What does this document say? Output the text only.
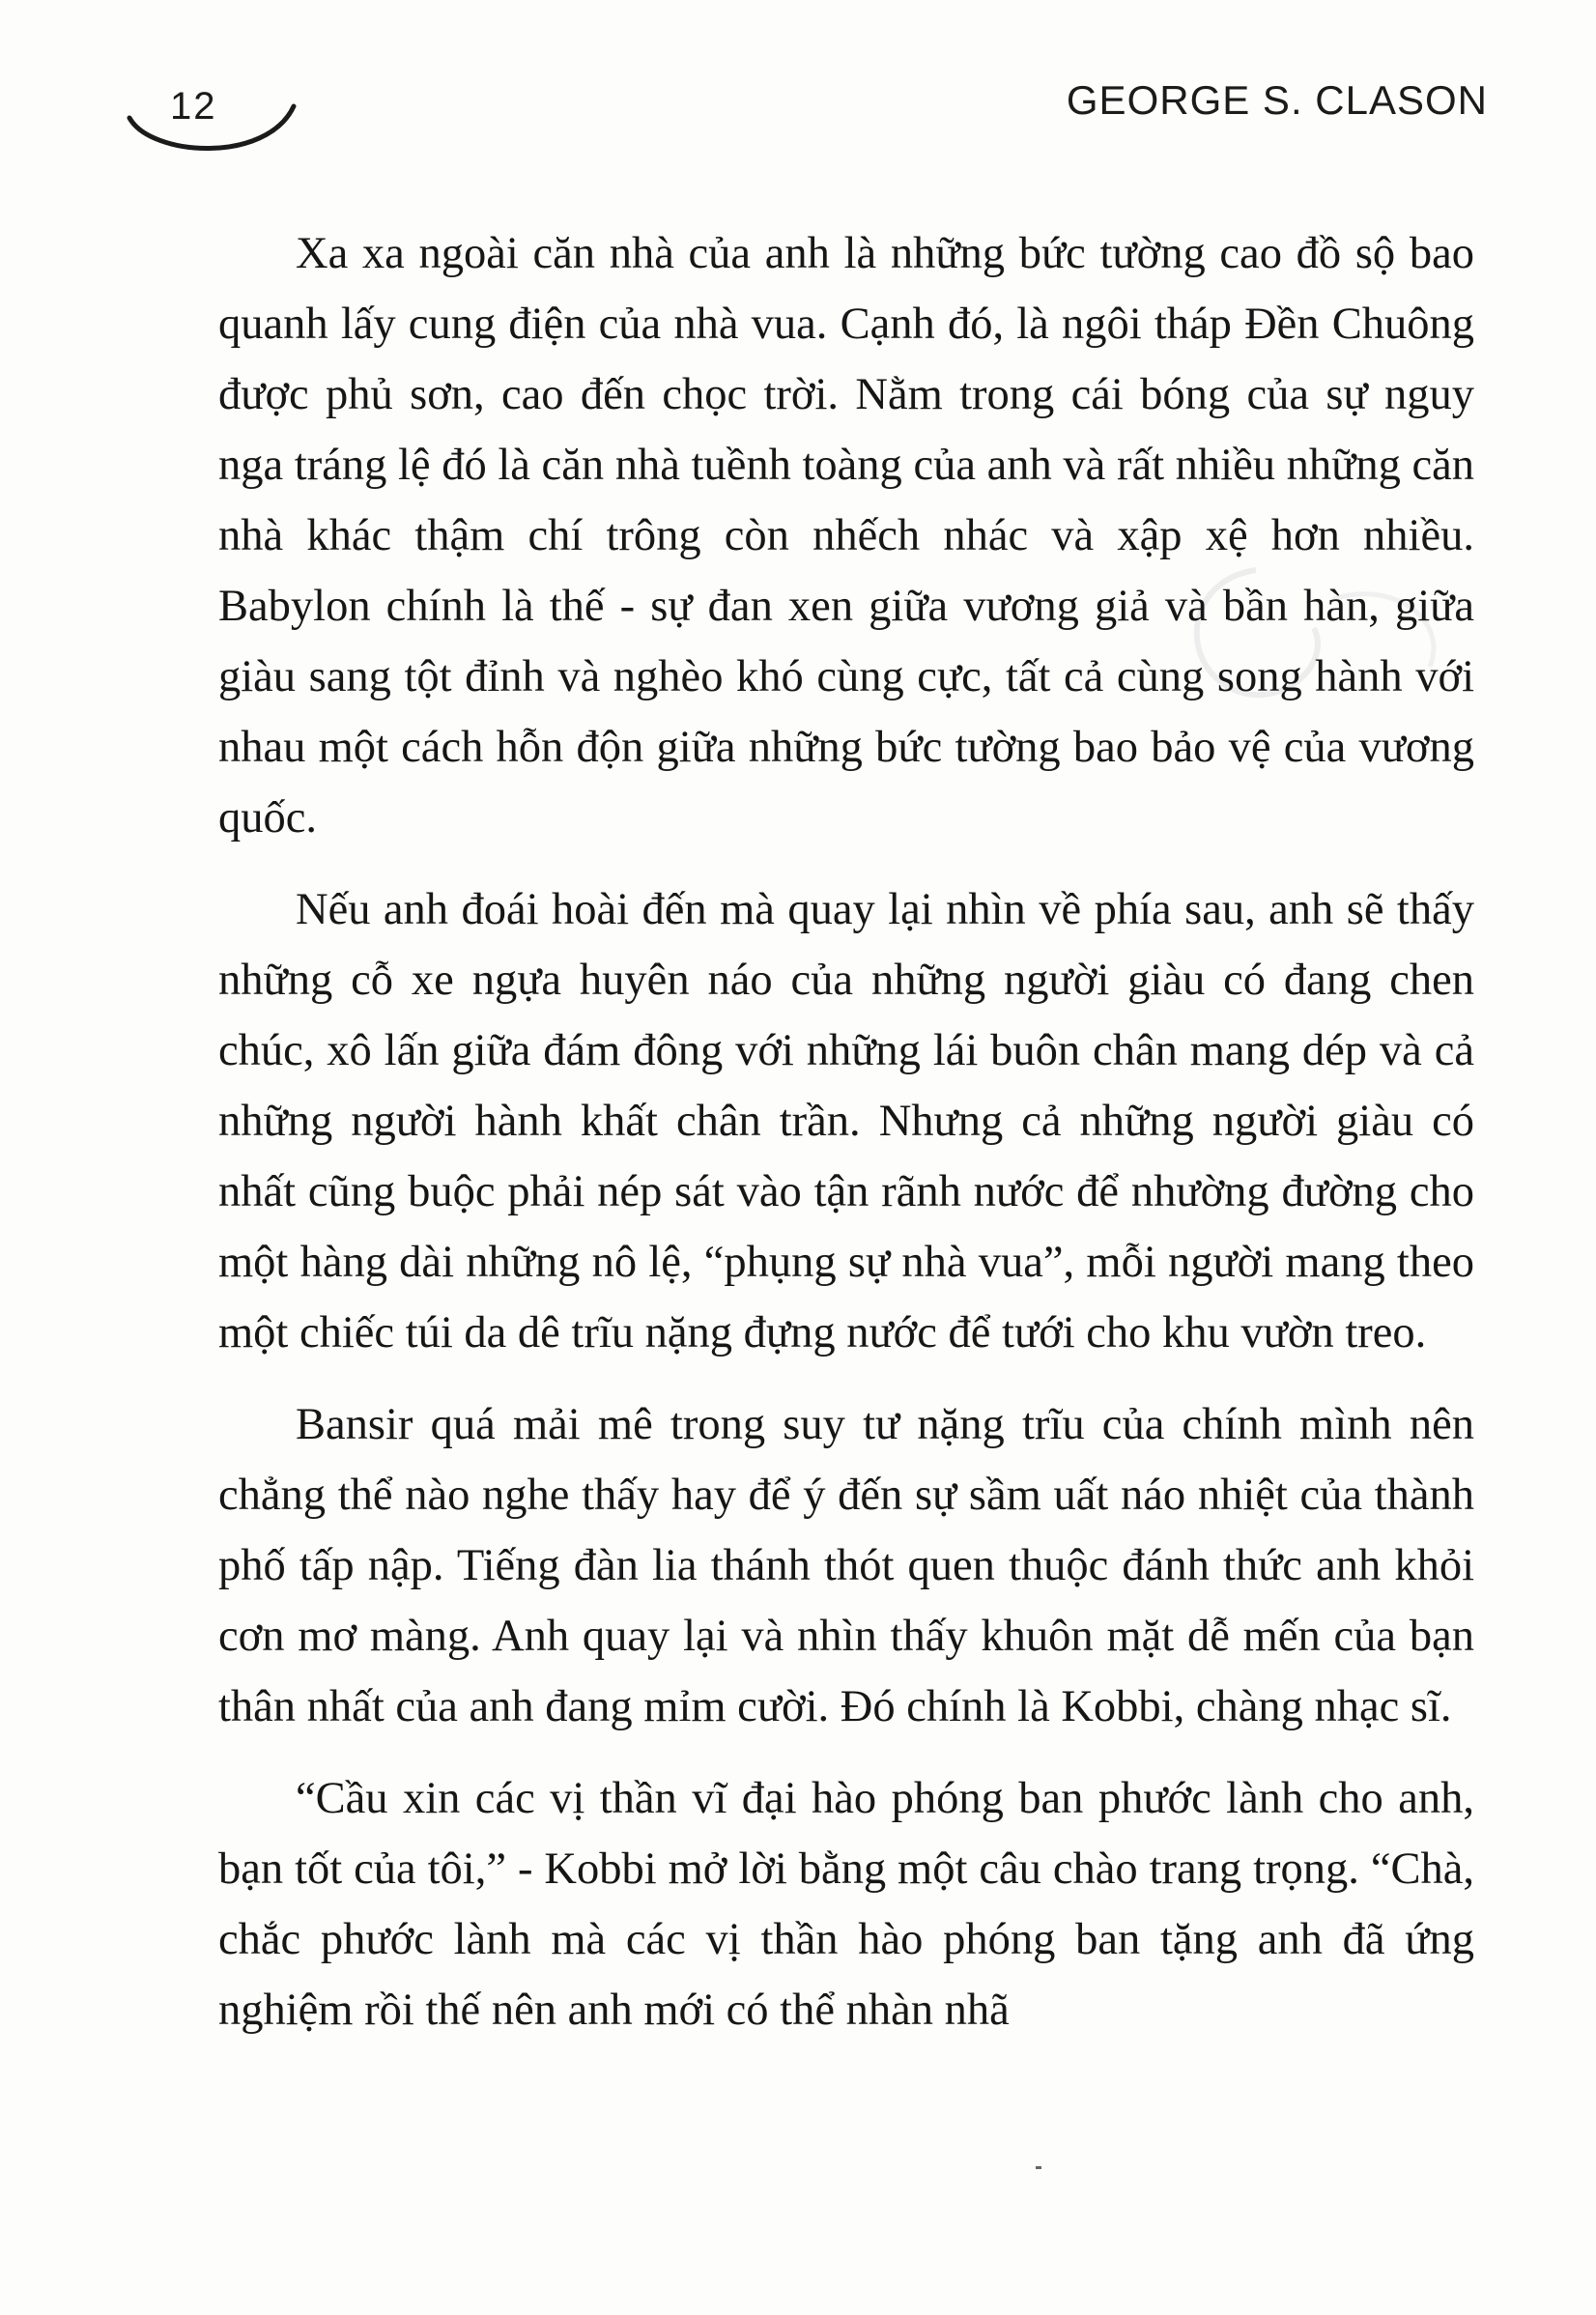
12	GEORGE S. CLASON

Xa xa ngoài căn nhà của anh là những bức tường cao đồ sộ bao quanh lấy cung điện của nhà vua. Cạnh đó, là ngôi tháp Đền Chuông được phủ sơn, cao đến chọc trời. Nằm trong cái bóng của sự nguy nga tráng lệ đó là căn nhà tuềnh toàng của anh và rất nhiều những căn nhà khác thậm chí trông còn nhếch nhác và xập xệ hơn nhiều. Babylon chính là thế - sự đan xen giữa vương giả và bần hàn, giữa giàu sang tột đỉnh và nghèo khó cùng cực, tất cả cùng song hành với nhau một cách hỗn độn giữa những bức tường bao bảo vệ của vương quốc.

Nếu anh đoái hoài đến mà quay lại nhìn về phía sau, anh sẽ thấy những cỗ xe ngựa huyên náo của những người giàu có đang chen chúc, xô lấn giữa đám đông với những lái buôn chân mang dép và cả những người hành khất chân trần. Nhưng cả những người giàu có nhất cũng buộc phải nép sát vào tận rãnh nước để nhường đường cho một hàng dài những nô lệ, “phụng sự nhà vua”, mỗi người mang theo một chiếc túi da dê trĩu nặng đựng nước để tưới cho khu vườn treo.

Bansir quá mải mê trong suy tư nặng trĩu của chính mình nên chẳng thể nào nghe thấy hay để ý đến sự sầm uất náo nhiệt của thành phố tấp nập. Tiếng đàn lia thánh thót quen thuộc đánh thức anh khỏi cơn mơ màng. Anh quay lại và nhìn thấy khuôn mặt dễ mến của bạn thân nhất của anh đang mỉm cười. Đó chính là Kobbi, chàng nhạc sĩ.

“Cầu xin các vị thần vĩ đại hào phóng ban phước lành cho anh, bạn tốt của tôi,” - Kobbi mở lời bằng một câu chào trang trọng. “Chà, chắc phước lành mà các vị thần hào phóng ban tặng anh đã ứng nghiệm rồi thế nên anh mới có thể nhàn nhã
